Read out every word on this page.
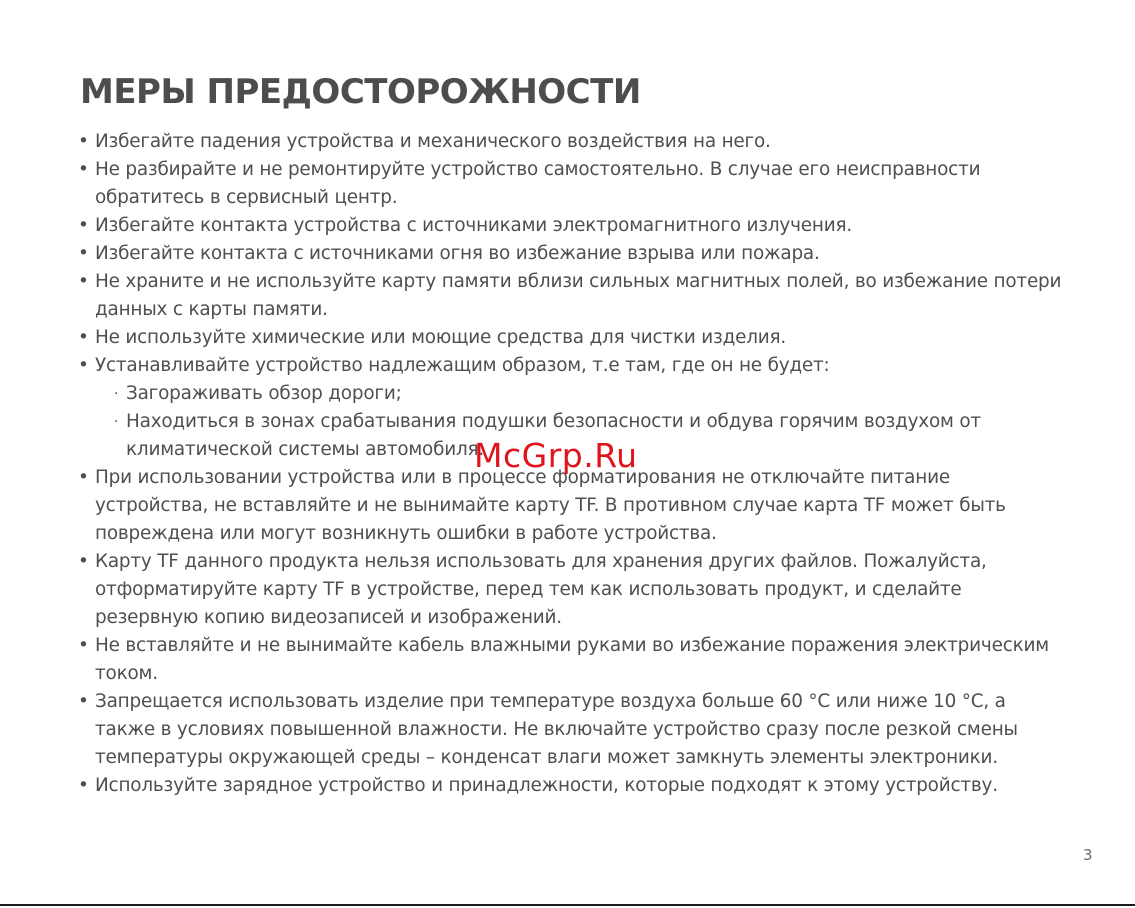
МЕРЫ ПРЕДОСТОРОЖНОСТИ
• Избегайте падения устройства и механического воздействия на него.
• Не разбирайте и не ремонтируйте устройство самостоятельно. В случае его неисправности обратитесь в сервисный центр.
• Избегайте контакта устройства с источниками электромагнитного излучения.
• Избегайте контакта с источниками огня во избежание взрыва или пожара.
• Не храните и не используйте карту памяти вблизи сильных магнитных полей, во избежание потери данных с карты памяти.
• Не используйте химические или моющие средства для чистки изделия.
• Устанавливайте устройство надлежащим образом, т.е там, где он не будет:
· Загораживать обзор дороги;
· Находиться в зонах срабатывания подушки безопасности и обдува горячим воздухом от климатической системы автомобиля.
• При использовании устройства или в процессе форматирования не отключайте питание устройства, не вставляйте и не вынимайте карту TF. В противном случае карта TF может быть повреждена или могут возникнуть ошибки в работе устройства.
• Карту TF данного продукта нельзя использовать для хранения других файлов. Пожалуйста, отформатируйте карту TF в устройстве, перед тем как использовать продукт, и сделайте резервную копию видеозаписей и изображений.
• Не вставляйте и не вынимайте кабель влажными руками во избежание поражения электрическим током.
• Запрещается использовать изделие при температуре воздуха больше 60 °C или ниже 10 °C, а также в условиях повышенной влажности. Не включайте устройство сразу после резкой смены температуры окружающей среды – конденсат влаги может замкнуть элементы электроники.
• Используйте зарядное устройство и принадлежности, которые подходят к этому устройству.
McGrp.Ru
3
